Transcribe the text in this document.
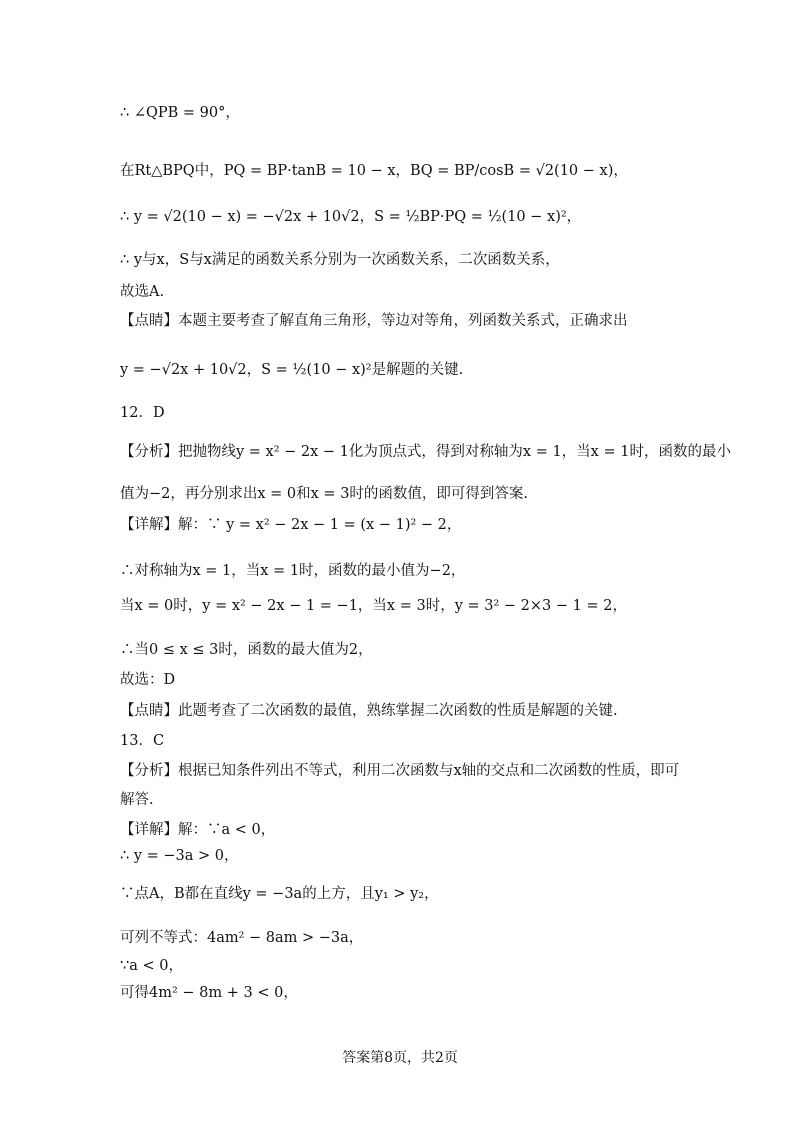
∴ ∠QPB = 90°，
在Rt△BPQ中，PQ = BP·tanB = 10 − x，BQ = BP/cosB = √2(10 − x)，
∴ y = √2(10 − x) = −√2x + 10√2，S = ½BP·PQ = ½(10 − x)²，
∴ y与x，S与x满足的函数关系分别为一次函数关系，二次函数关系，
故选A.
【点睛】本题主要考查了解直角三角形，等边对等角，列函数关系式，正确求出
y = −√2x + 10√2，S = ½(10 − x)²是解题的关键.
12．D
【分析】把抛物线y = x² − 2x − 1化为顶点式，得到对称轴为x = 1，当x = 1时，函数的最小
值为−2，再分别求出x = 0和x = 3时的函数值，即可得到答案.
【详解】解：∵ y = x² − 2x − 1 = (x − 1)² − 2，
∴对称轴为x = 1，当x = 1时，函数的最小值为−2，
当x = 0时，y = x² − 2x − 1 = −1，当x = 3时，y = 3² − 2×3 − 1 = 2，
∴当0 ≤ x ≤ 3时，函数的最大值为2，
故选：D
【点睛】此题考查了二次函数的最值，熟练掌握二次函数的性质是解题的关键.
13．C
【分析】根据已知条件列出不等式，利用二次函数与x轴的交点和二次函数的性质，即可
解答.
【详解】解：∵a < 0，
∴ y = −3a > 0，
∵点A，B都在直线y = −3a的上方，且y₁ > y₂，
可列不等式：4am² − 8am > −3a，
∵a < 0，
可得4m² − 8m + 3 < 0，
答案第8页，共2页
